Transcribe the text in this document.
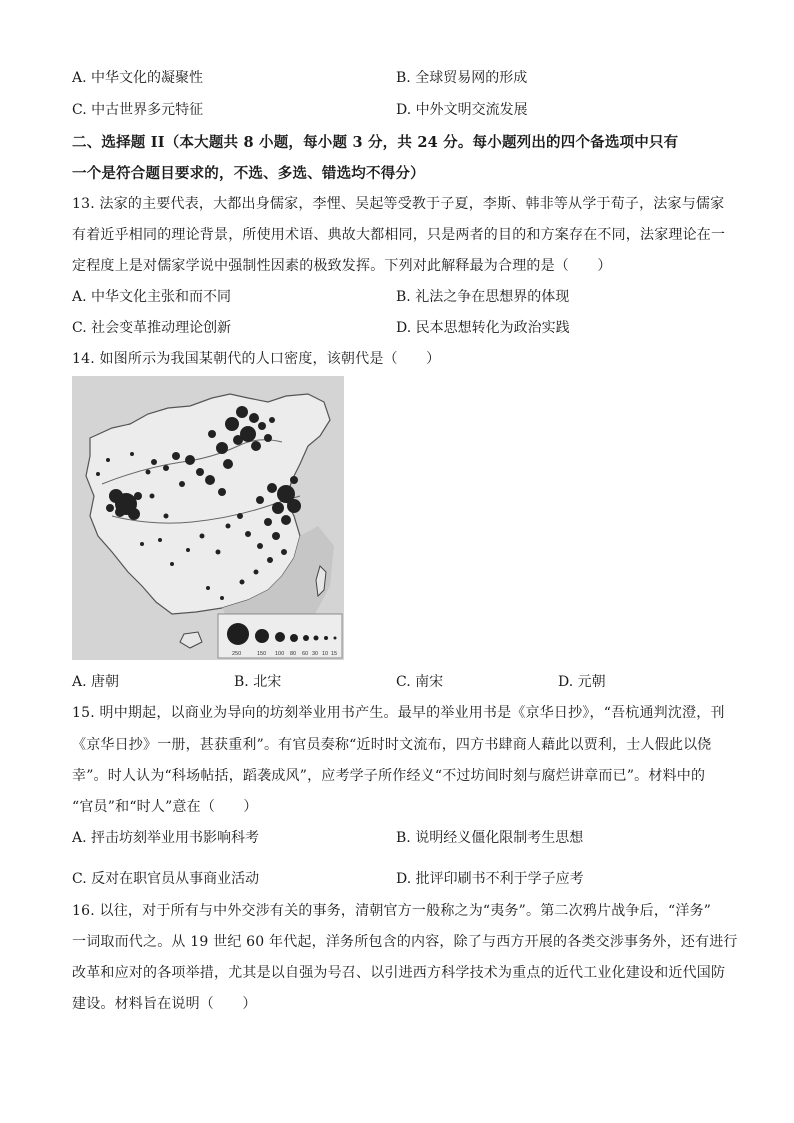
A. 中华文化的凝聚性	B. 全球贸易网的形成
C. 中古世界多元特征	D. 中外文明交流发展
二、选择题 II（本大题共 8 小题，每小题 3 分，共 24 分。每小题列出的四个备选项中只有
一个是符合题目要求的，不选、多选、错选均不得分）
13. 法家的主要代表，大都出身儒家，李悝、吴起等受教于子夏，李斯、韩非等从学于荀子，法家与儒家
有着近乎相同的理论背景，所使用术语、典故大都相同，只是两者的目的和方案存在不同，法家理论在一
定程度上是对儒家学说中强制性因素的极致发挥。下列对此解释最为合理的是（　　）
A. 中华文化主张和而不同	B. 礼法之争在思想界的体现
C. 社会变革推动理论创新	D. 民本思想转化为政治实践
14. 如图所示为我国某朝代的人口密度，该朝代是（　　）
250	150 100 80 60 30 10 15
A. 唐朝	B. 北宋	C. 南宋	D. 元朝
15. 明中期起，以商业为导向的坊刻举业用书产生。最早的举业用书是《京华日抄》，“吾杭通判沈澄，刊
《京华日抄》一册，甚获重利”。有官员奏称“近时时文流布，四方书肆商人藉此以贾利，士人假此以侥
幸”。时人认为“科场帖括，蹈袭成风”，应考学子所作经义“不过坊间时刻与腐烂讲章而已”。材料中的
“官员”和“时人”意在（　　）
A. 抨击坊刻举业用书影响科考	B. 说明经义僵化限制考生思想
C. 反对在职官员从事商业活动	D. 批评印刷书不利于学子应考
16. 以往，对于所有与中外交涉有关的事务，清朝官方一般称之为“夷务”。第二次鸦片战争后，“洋务”
一词取而代之。从 19 世纪 60 年代起，洋务所包含的内容，除了与西方开展的各类交涉事务外，还有进行
改革和应对的各项举措，尤其是以自强为号召、以引进西方科学技术为重点的近代工业化建设和近代国防
建设。材料旨在说明（　　）
